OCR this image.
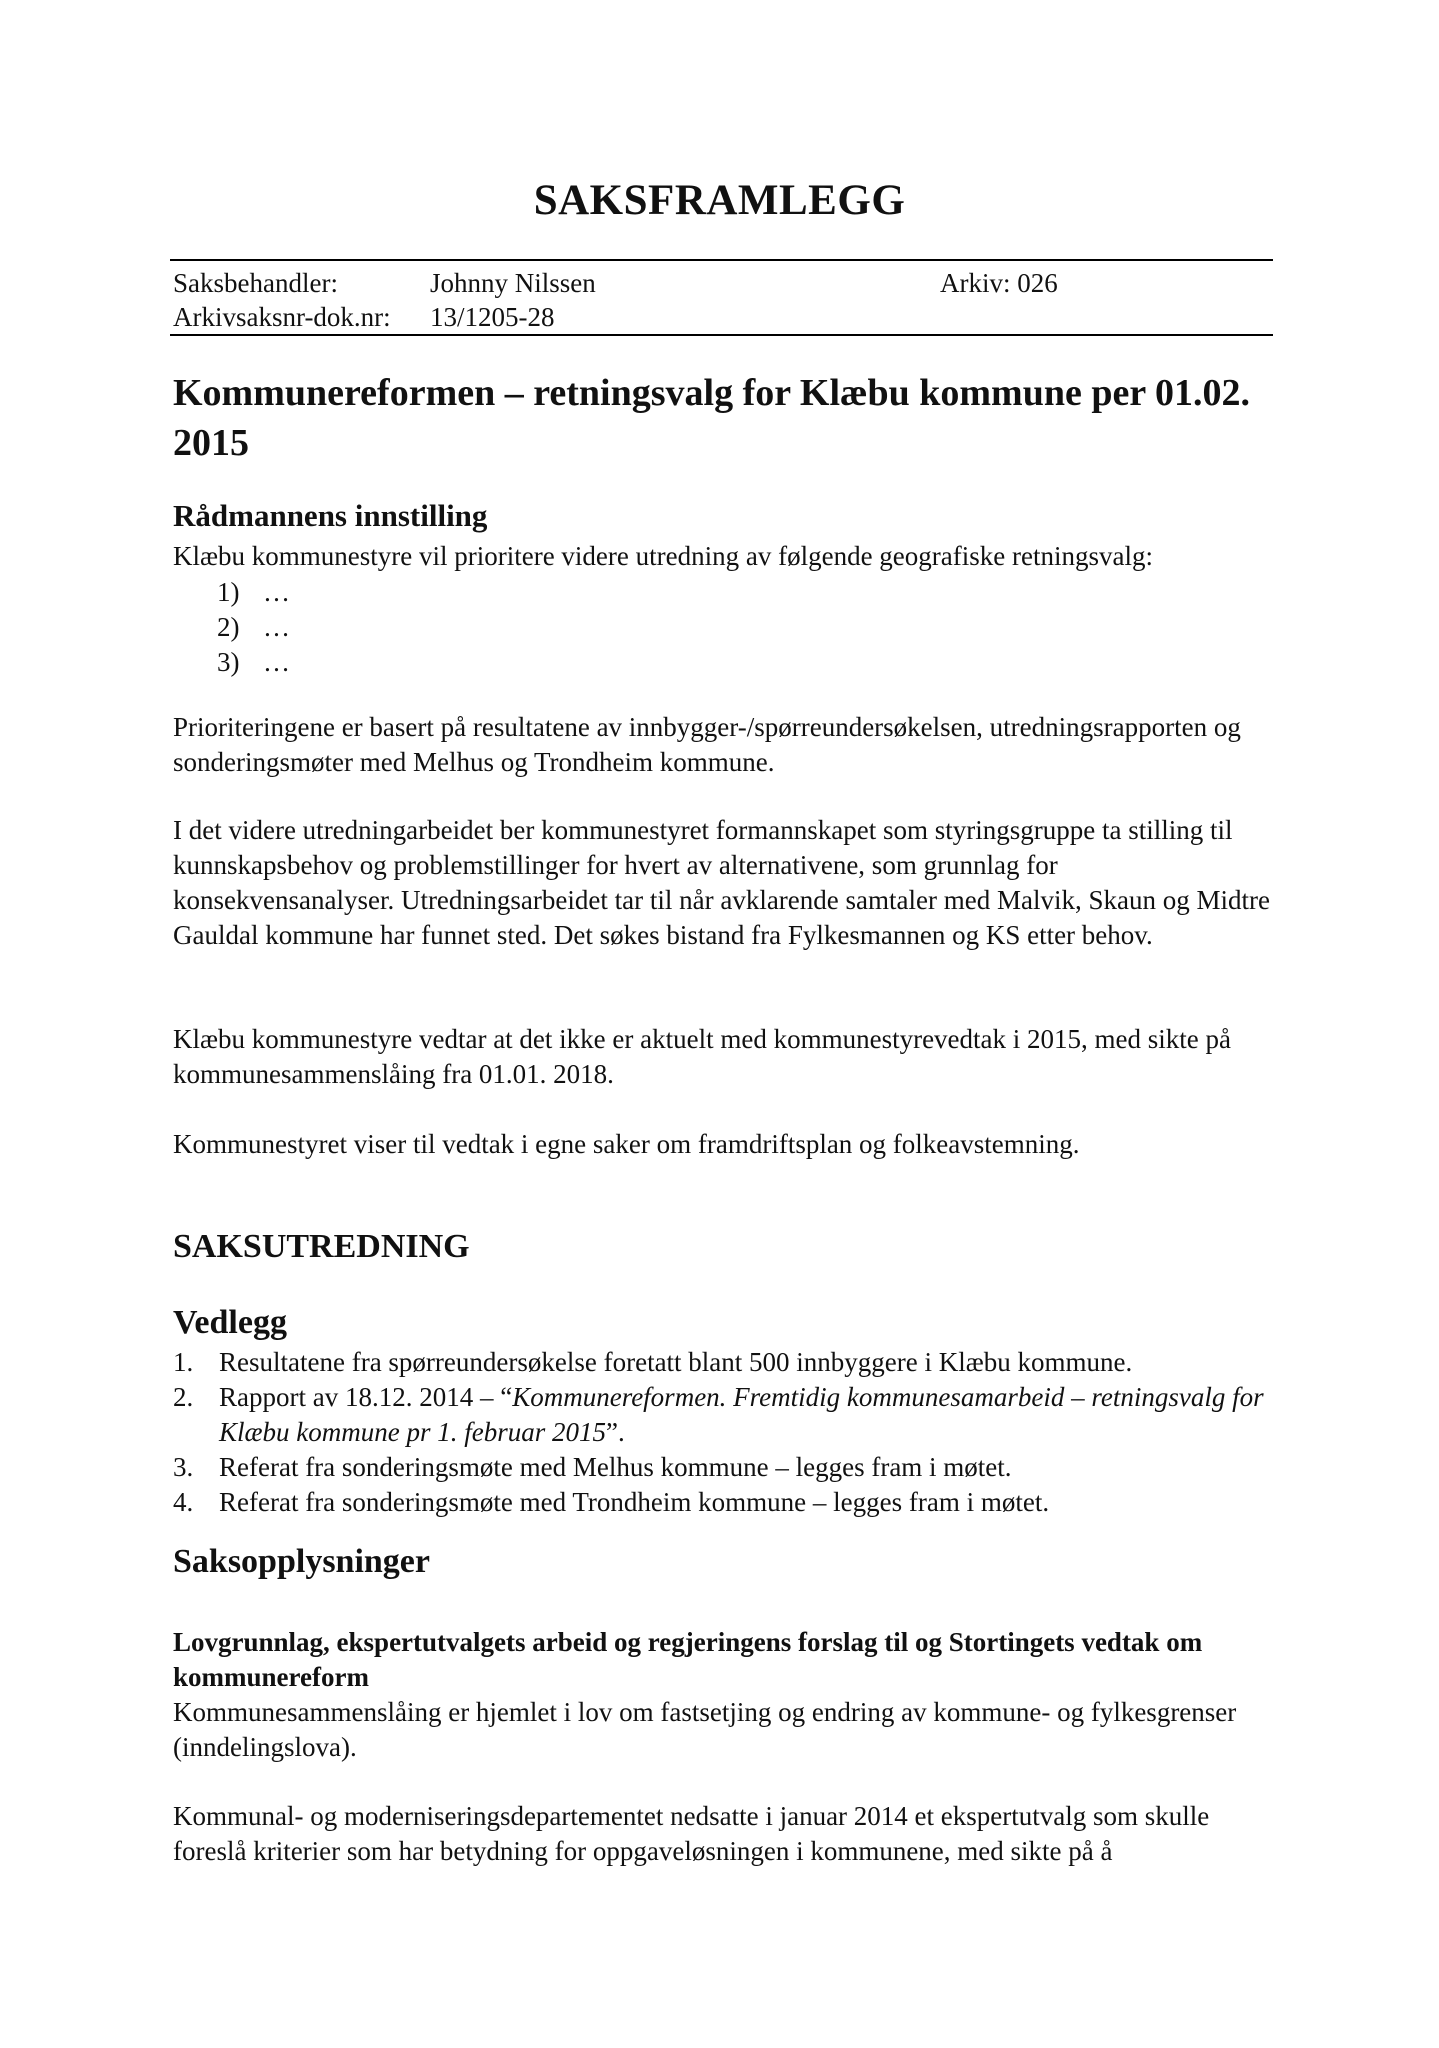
SAKSFRAMLEGG
Saksbehandler:	Johnny Nilssen	Arkiv: 026
Arkivsaksnr-dok.nr: 13/1205-28
Kommunereformen – retningsvalg for Klæbu kommune per 01.02. 2015
Rådmannens innstilling
Klæbu kommunestyre vil prioritere videre utredning av følgende geografiske retningsvalg:
1) …
2) …
3) …
Prioriteringene er basert på resultatene av innbygger-/spørreundersøkelsen, utredningsrapporten og sonderingsmøter med Melhus og Trondheim kommune.
I det videre utredningarbeidet ber kommunestyret formannskapet som styringsgruppe ta stilling til kunnskapsbehov og problemstillinger for hvert av alternativene, som grunnlag for konsekvensanalyser. Utredningsarbeidet tar til når avklarende samtaler med Malvik, Skaun og Midtre Gauldal kommune har funnet sted. Det søkes bistand fra Fylkesmannen og KS etter behov.
Klæbu kommunestyre vedtar at det ikke er aktuelt med kommunestyrevedtak i 2015, med sikte på kommunesammenslåing fra 01.01. 2018.
Kommunestyret viser til vedtak i egne saker om framdriftsplan og folkeavstemning.
SAKSUTREDNING
Vedlegg
1. Resultatene fra spørreundersøkelse foretatt blant 500 innbyggere i Klæbu kommune.
2. Rapport av 18.12. 2014 – “Kommunereformen. Fremtidig kommunesamarbeid – retningsvalg for Klæbu kommune pr 1. februar 2015”.
3. Referat fra sonderingsmøte med Melhus kommune – legges fram i møtet.
4. Referat fra sonderingsmøte med Trondheim kommune – legges fram i møtet.
Saksopplysninger
Lovgrunnlag, ekspertutvalgets arbeid og regjeringens forslag til og Stortingets vedtak om kommunereform
Kommunesammenslåing er hjemlet i lov om fastsetjing og endring av kommune- og fylkesgrenser (inndelingslova).
Kommunal- og moderniseringsdepartementet nedsatte i januar 2014 et ekspertutvalg som skulle foreslå kriterier som har betydning for oppgaveløsningen i kommunene, med sikte på å
